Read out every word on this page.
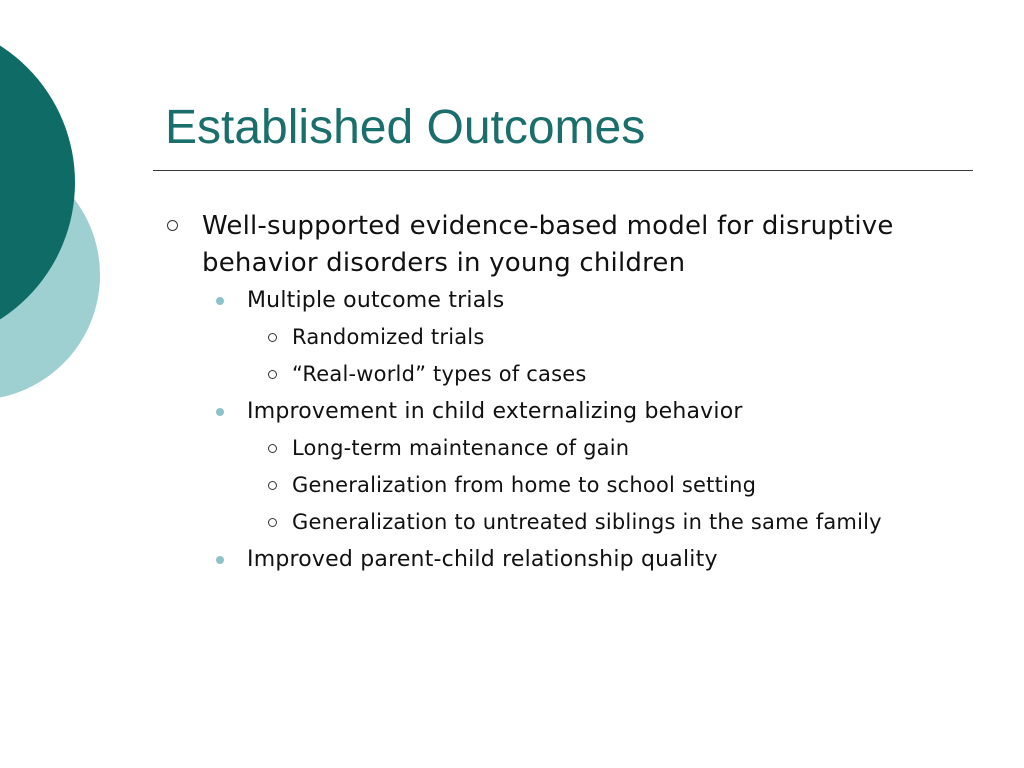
Established Outcomes
Well-supported evidence-based model for disruptive behavior disorders in young children
Multiple outcome trials
Randomized trials
“Real-world” types of cases
Improvement in child externalizing behavior
Long-term maintenance of gain
Generalization from home to school setting
Generalization to untreated siblings in the same family
Improved parent-child relationship quality
